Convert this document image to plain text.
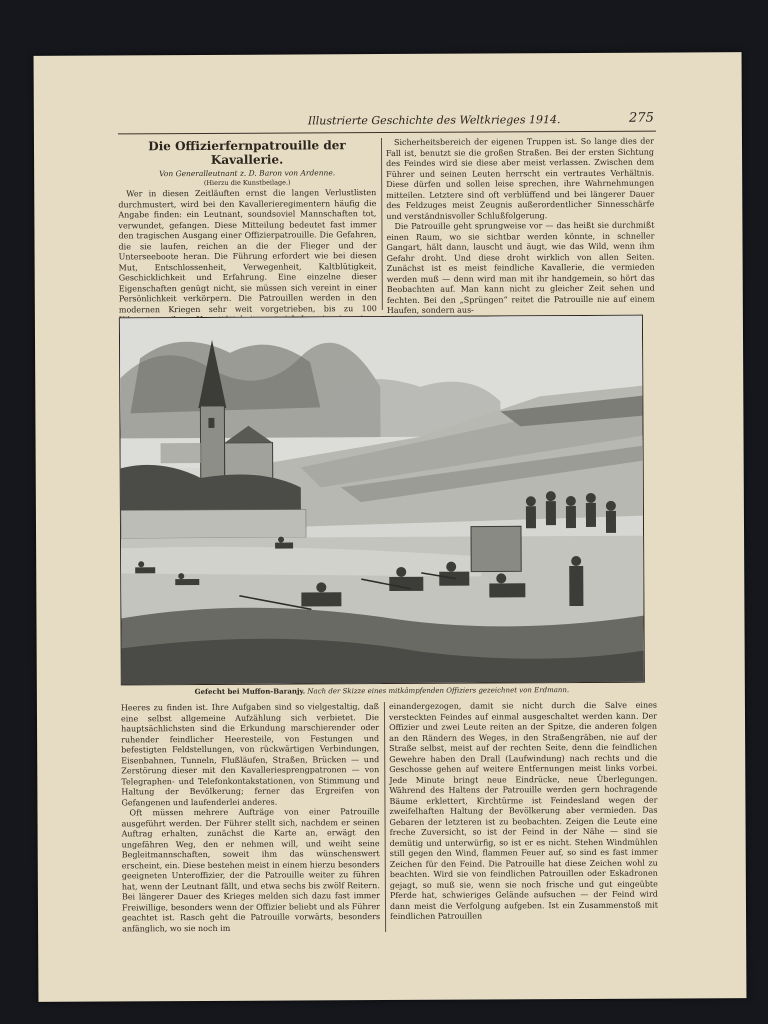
Illustrierte Geschichte des Weltkrieges 1914.	275
Die Offizierfernpatrouille der Kavallerie.
Von Generalleutnant z. D. Baron von Ardenne.
(Hierzu die Kunstbeilage.)

Wer in diesen Zeitläuften ernst die langen Verlustlisten durchmustert, wird bei den Kavallerieregimentern häufig die Angabe finden: ein Leutnant, soundsoviel Mannschaften tot, verwundet, gefangen. Diese Mitteilung bedeutet fast immer den tragischen Ausgang einer Offizierpatrouille. Die Gefahren, die sie laufen, reichen an die der Flieger und der Unterseeboote heran. Die Führung erfordert wie bei diesen Mut, Entschlossenheit, Verwegenheit, Kaltblütigkeit, Geschicklichkeit und Erfahrung. Eine einzelne dieser Eigenschaften genügt nicht, sie müssen sich vereint in einer Persönlichkeit verkörpern. Die Patrouillen werden in den modernen Kriegen sehr weit vorgetrieben, bis zu 100

Sicherheitsbereich der eigenen Truppen ist. So lange dies der Fall ist, benutzt sie die großen Straßen. Bei der ersten Sichtung des Feindes wird sie diese aber meist verlassen. Zwischen dem Führer und seinen Leuten herrscht ein vertrautes Verhältnis. Diese dürfen und sollen leise sprechen, ihre Wahrnehmungen mitteilen. Letztere sind oft verblüffend und bei längerer Dauer des Feldzuges meist Zeugnis außerordentlicher Sinnesschärfe und verständnisvoller Schlußfolgerung.

Die Patrouille geht sprungweise vor — das heißt sie durchmißt einen Raum, wo sie sichtbar werden könnte, in schneller Gangart, hält dann, lauscht und äugt, wie das Wild, wenn ihm Gefahr droht. Und diese droht wirklich von allen Seiten. Zunächst ist es meist feindliche Kavallerie, die vermieden werden muß — denn wird man mit ihr handgemein, so hört das Beobachten auf. Man kann nicht zu gleicher Zeit sehen und fechten. Bei den „Sprüngen“ reitet die Patrouille nie auf einem Haufen, sondern aus-

Gefecht bei Muffon-Baranjy. Nach der Skizze eines mitkämpfenden Offiziers gezeichnet von Erdmann.

Heeres zu finden ist. Ihre Aufgaben sind so vielgestaltig, daß eine selbst allgemeine Aufzählung sich verbietet. Die hauptsächlichsten sind die Erkundung marschierender oder ruhender feindlicher Heeresteile, von Festungen und befestigten Feldstellungen, von rückwärtigen Verbindungen, Eisenbahnen, Tunneln, Flußläufen, Straßen, Brücken — und Zerstörung dieser mit den Kavalleriesprengpatronen — von Telegraphen- und Telefonkontakstationen, von Stimmung und Haltung der Bevölkerung; ferner das Ergreifen von Gefangenen und laufenderlei anderes.

Oft müssen mehrere Aufträge von einer Patrouille ausgeführt werden. Der Führer stellt sich, nachdem er seinen Auftrag erhalten, zunächst die Karte an, erwägt den ungefähren Weg, den er nehmen will, und weiht seine Begleitmannschaften, soweit ihm das wünschenswert erscheint, ein. Diese bestehen meist in einem hierzu besonders geeigneten Unteroffizier, der die Patrouille weiter zu führen hat, wenn der Leutnant fällt, und etwa sechs bis zwölf Reitern. Bei längerer Dauer des Krieges melden sich dazu fast immer Freiwillige, besonders wenn der Offizier beliebt und als Führer geachtet ist. Rasch geht die Patrouille vorwärts, besonders anfänglich, wo sie noch im

einandergezogen, damit sie nicht durch die Salve eines versteckten Feindes auf einmal ausgeschaltet werden kann. Der Offizier und zwei Leute reiten an der Spitze, die anderen folgen an den Rändern des Weges, in den Straßengräben, nie auf der Straße selbst, meist auf der rechten Seite, denn die feindlichen Gewehre haben den Drall (Laufwindung) nach rechts und die Geschosse gehen auf weitere Entfernungen meist links vorbei. Jede Minute bringt neue Eindrücke, neue Überlegungen. Während des Haltens der Patrouille werden gern hochragende Bäume erklettert, Kirchtürme ist Feindesland wegen der zweifelhaften Haltung der Bevölkerung aber vermieden. Das Gebaren der letzteren ist zu beobachten. Zeigen die Leute eine freche Zuversicht, so ist der Feind in der Nähe — sind sie demütig und unterwürfig, so ist er es nicht. Stehen Windmühlen still gegen den Wind, flammen Feuer auf, so sind es fast immer Zeichen für den Feind. Die Patrouille hat diese Zeichen wohl zu beachten. Wird sie von feindlichen Patrouillen oder Eskadronen gejagt, so muß sie, wenn sie noch frische und gut eingeübte Pferde hat, schwieriges Gelände aufsuchen — der Feind wird dann meist die Verfolgung aufgeben. Ist ein Zusammenstoß mit feindlichen Patrouillen
